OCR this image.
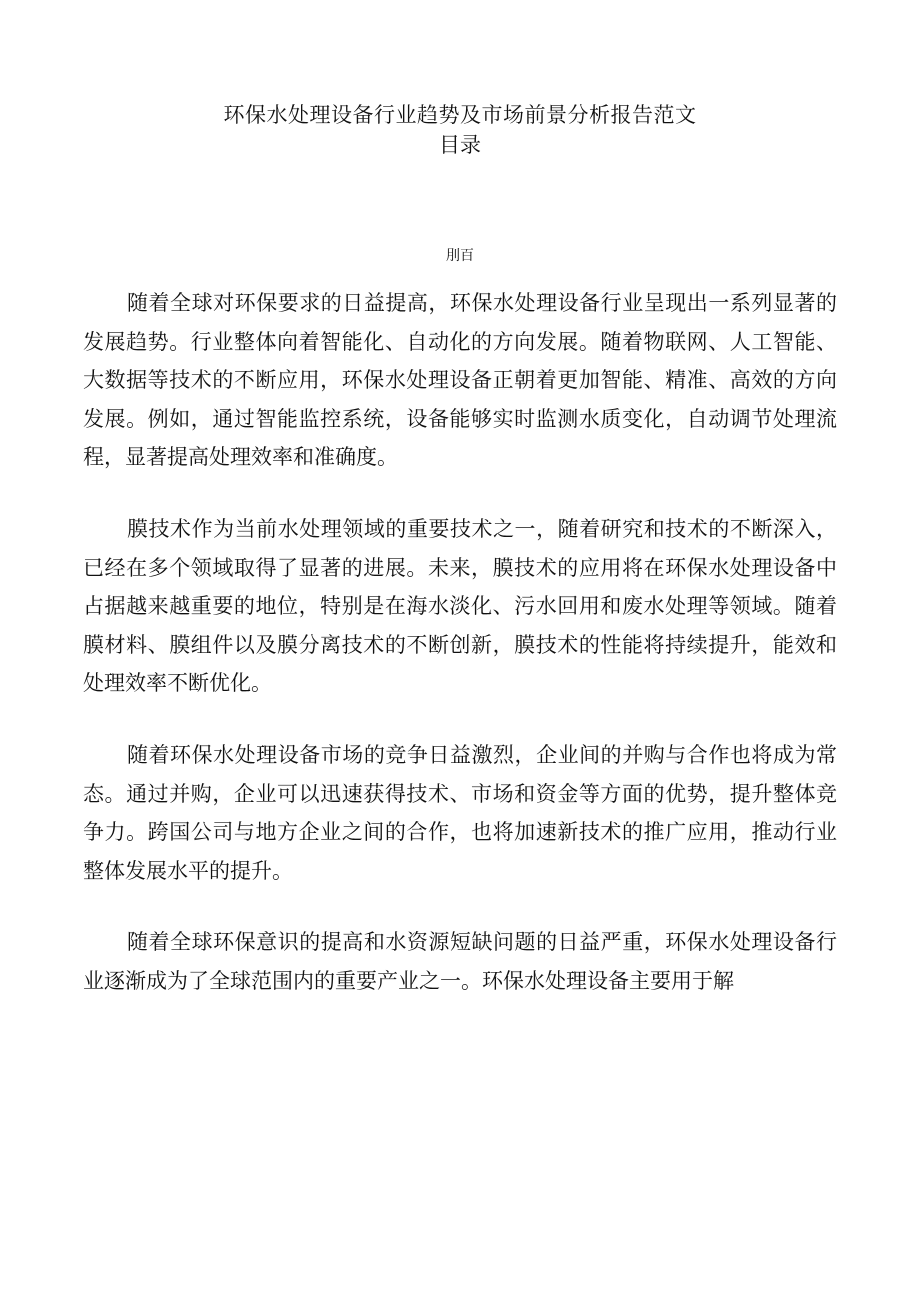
环保水处理设备行业趋势及市场前景分析报告范文
目录
刖百

随着全球对环保要求的日益提高，环保水处理设备行业呈现出一系列显著的发展趋势。行业整体向着智能化、自动化的方向发展。随着物联网、人工智能、大数据等技术的不断应用，环保水处理设备正朝着更加智能、精准、高效的方向发展。例如，通过智能监控系统，设备能够实时监测水质变化，自动调节处理流程，显著提高处理效率和准确度。

膜技术作为当前水处理领域的重要技术之一，随着研究和技术的不断深入，已经在多个领域取得了显著的进展。未来，膜技术的应用将在环保水处理设备中占据越来越重要的地位，特别是在海水淡化、污水回用和废水处理等领域。随着膜材料、膜组件以及膜分离技术的不断创新，膜技术的性能将持续提升，能效和处理效率不断优化。

随着环保水处理设备市场的竞争日益激烈，企业间的并购与合作也将成为常态。通过并购，企业可以迅速获得技术、市场和资金等方面的优势，提升整体竞争力。跨国公司与地方企业之间的合作，也将加速新技术的推广应用，推动行业整体发展水平的提升。

随着全球环保意识的提高和水资源短缺问题的日益严重，环保水处理设备行业逐渐成为了全球范围内的重要产业之一。环保水处理设备主要用于解
